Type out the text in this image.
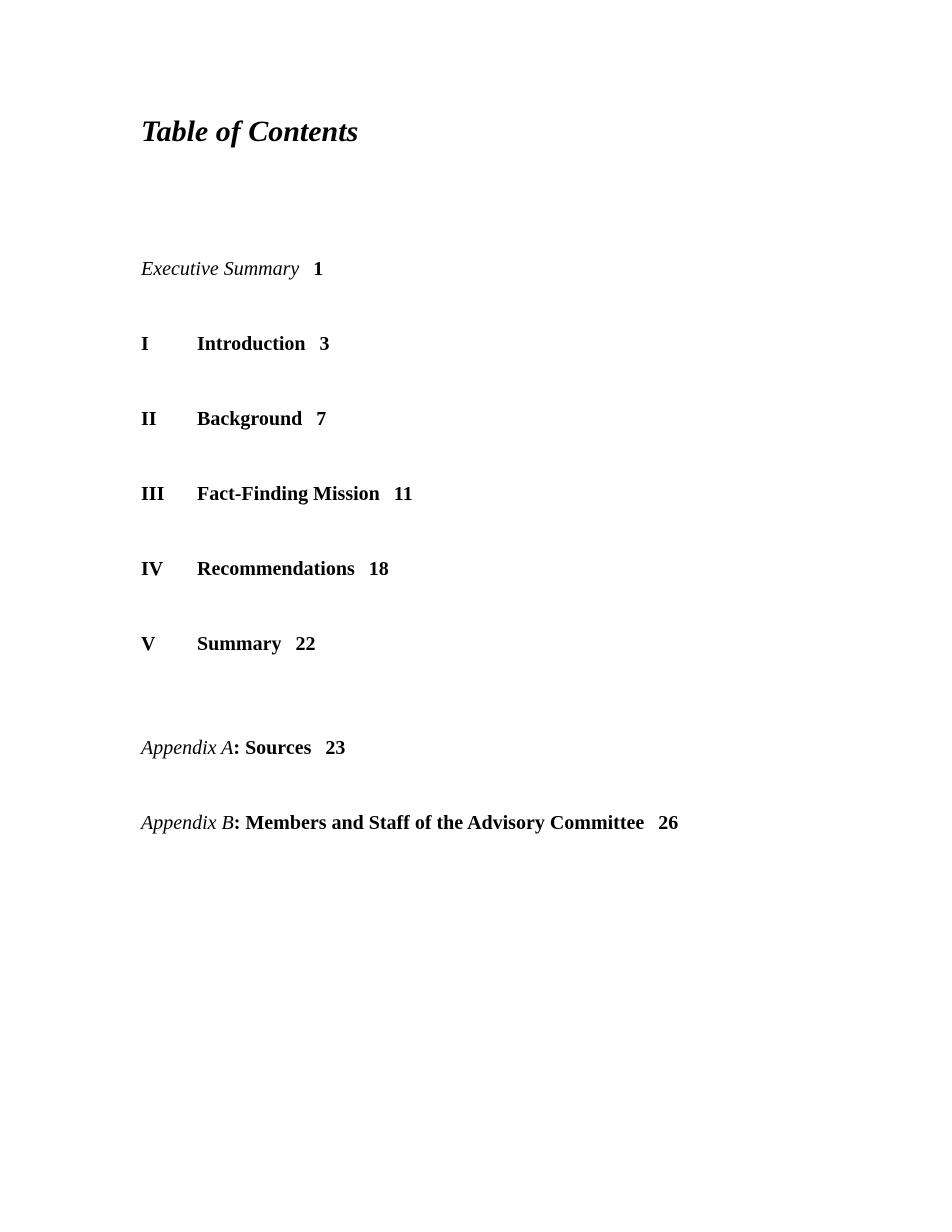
Table of Contents
Executive Summary 1
I Introduction 3
II Background 7
III Fact-Finding Mission 11
IV Recommendations 18
V Summary 22
Appendix A: Sources 23
Appendix B: Members and Staff of the Advisory Committee 26
